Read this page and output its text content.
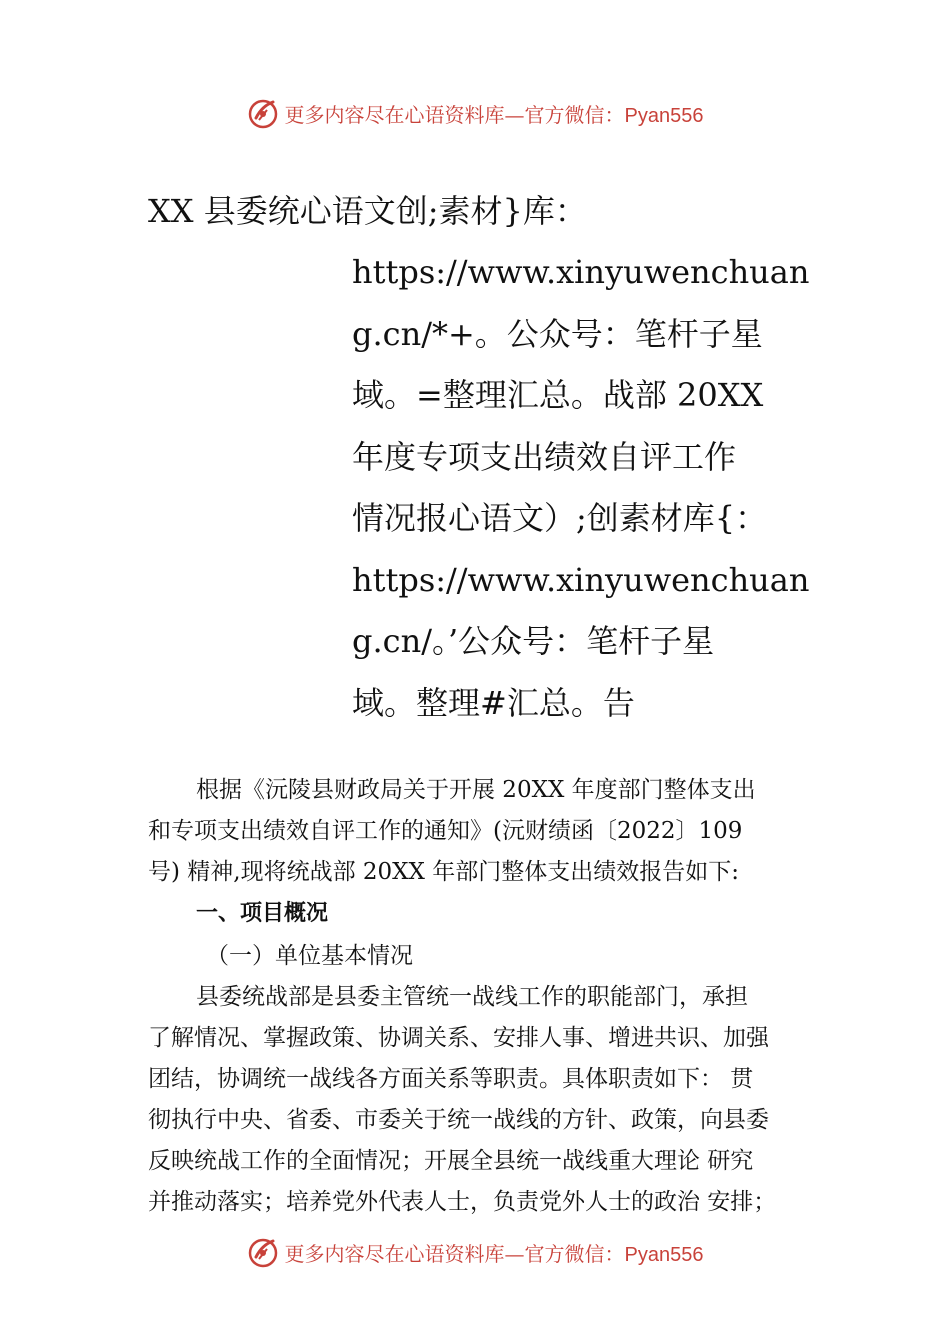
更多内容尽在心语资料库—官方微信：Pyan556
XX 县委统心语文创;素材}库：
https://www.xinyuwenchuan
g.cn/*+。公众号：笔杆子星
域。=整理汇总。战部 20XX
年度专项支出绩效自评工作
情况报心语文）;创素材库{：
https://www.xinyuwenchuan
g.cn/。’公众号：笔杆子星
域。整理#汇总。告
根据《沅陵县财政局关于开展 20XX 年度部门整体支出
和专项支出绩效自评工作的通知》(沅财绩函〔2022〕109
号) 精神,现将统战部 20XX 年部门整体支出绩效报告如下:
一、项目概况
（一）单位基本情况
县委统战部是县委主管统一战线工作的职能部门，承担
了解情况、掌握政策、协调关系、安排人事、增进共识、加强
团结，协调统一战线各方面关系等职责。具体职责如下： 贯
彻执行中央、省委、市委关于统一战线的方针、政策，向县委
反映统战工作的全面情况；开展全县统一战线重大理论 研究
并推动落实；培养党外代表人士，负责党外人士的政治 安排；
更多内容尽在心语资料库—官方微信：Pyan556
